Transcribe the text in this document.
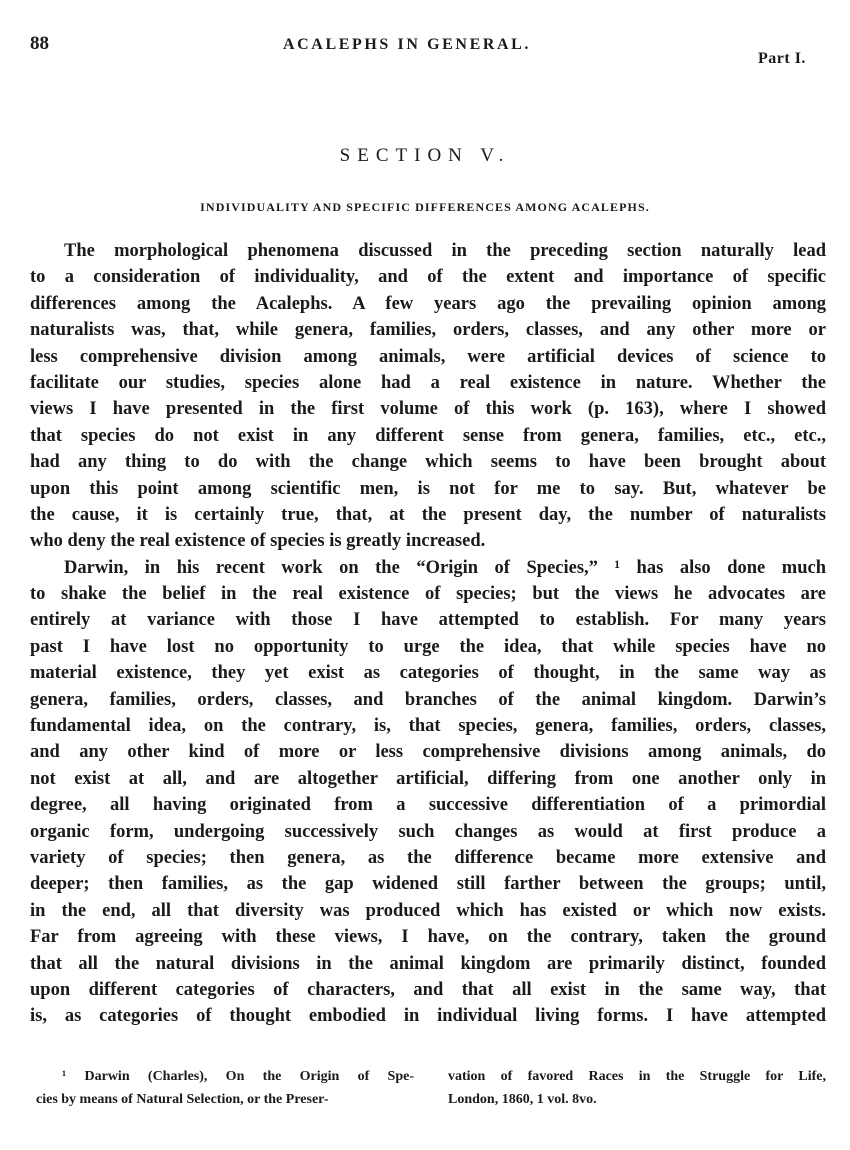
88	ACALEPHS IN GENERAL.
Part I.
SECTION V.
INDIVIDUALITY AND SPECIFIC DIFFERENCES AMONG ACALEPHS.
The morphological phenomena discussed in the preceding section naturally lead
to a consideration of individuality, and of the extent and importance of specific
differences among the Acalephs. A few years ago the prevailing opinion among
naturalists was, that, while genera, families, orders, classes, and any other more or
less comprehensive division among animals, were artificial devices of science to
facilitate our studies, species alone had a real existence in nature. Whether the
views I have presented in the first volume of this work (p. 163), where I showed
that species do not exist in any different sense from genera, families, etc., etc.,
had any thing to do with the change which seems to have been brought about
upon this point among scientific men, is not for me to say. But, whatever be
the cause, it is certainly true, that, at the present day, the number of naturalists
who deny the real existence of species is greatly increased.
Darwin, in his recent work on the “Origin of Species,” ¹ has also done much
to shake the belief in the real existence of species; but the views he advocates are
entirely at variance with those I have attempted to establish. For many years
past I have lost no opportunity to urge the idea, that while species have no
material existence, they yet exist as categories of thought, in the same way as
genera, families, orders, classes, and branches of the animal kingdom. Darwin’s
fundamental idea, on the contrary, is, that species, genera, families, orders, classes,
and any other kind of more or less comprehensive divisions among animals, do
not exist at all, and are altogether artificial, differing from one another only in
degree, all having originated from a successive differentiation of a primordial
organic form, undergoing successively such changes as would at first produce a
variety of species; then genera, as the difference became more extensive and
deeper; then families, as the gap widened still farther between the groups; until,
in the end, all that diversity was produced which has existed or which now exists.
Far from agreeing with these views, I have, on the contrary, taken the ground
that all the natural divisions in the animal kingdom are primarily distinct, founded
upon different categories of characters, and that all exist in the same way, that
is, as categories of thought embodied in individual living forms. I have attempted
¹ Darwin (Charles), On the Origin of Spe-
cies by means of Natural Selection, or the Preser-
vation of favored Races in the Struggle for Life,
London, 1860, 1 vol. 8vo.
